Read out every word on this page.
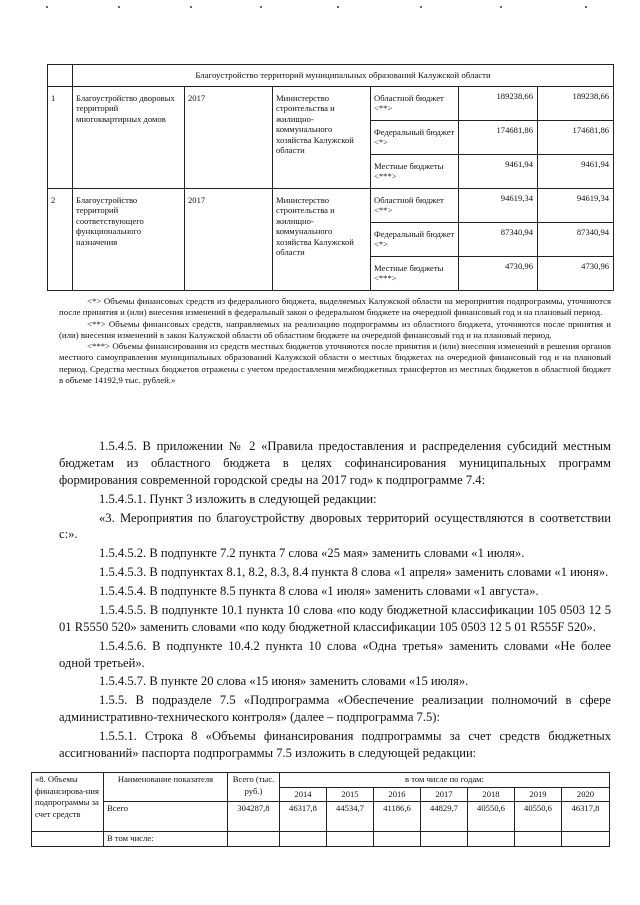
	Благоустройство территорий муниципальных образований Калужской области					
1	Благоустройство дворовых территорий многоквартирных домов	2017	Министерство строительства и жилищно-коммунального хозяйства Калужской области	Областной бюджет <**>	189238,66	189238,66
				Федеральный бюджет <*>	174681,86	174681,86
				Местные бюджеты <***>	9461,94	9461,94
2	Благоустройство территорий соответствующего функционального назначения	2017	Министерство строительства и жилищно-коммунального хозяйства Калужской области	Областной бюджет <**>	94619,34	94619,34
				Федеральный бюджет <*>	87340,94	87340,94
				Местные бюджеты <***>	4730,96	4730,96

<*> Объемы финансовых средств из федерального бюджета, выделяемых Калужской области на мероприятия подпрограммы, уточняются после принятия и (или) внесения изменений в федеральный закон о федеральном бюджете на очередной финансовый год и на плановый период.

<**> Объемы финансовых средств, направляемых на реализацию подпрограммы из областного бюджета, уточняются после принятия и (или) внесения изменений в закон Калужской области об областном бюджете на очередной финансовый год и на плановый период.

<***> Объемы финансирования из средств местных бюджетов уточняются после принятия и (или) внесения изменений в решения органов местного самоуправления муниципальных образований Калужской области о местных бюджетах на очередной финансовый год и на плановый период. Средства местных бюджетов отражены с учетом предоставления межбюджетных трансфертов из местных бюджетов в областной бюджет в объеме 14192,9 тыс. рублей.»

1.5.4.5. В приложении № 2 «Правила предоставления и распределения субсидий местным бюджетам из областного бюджета в целях софинансирования муниципальных программ формирования современной городской среды на 2017 год» к подпрограмме 7.4:

1.5.4.5.1. Пункт 3 изложить в следующей редакции:

«3. Мероприятия по благоустройству дворовых территорий осуществляются в соответствии с:».

1.5.4.5.2. В подпункте 7.2 пункта 7 слова «25 мая» заменить словами «1 июля».

1.5.4.5.3. В подпунктах 8.1, 8.2, 8.3, 8.4 пункта 8 слова «1 апреля» заменить словами «1 июня».

1.5.4.5.4. В подпункте 8.5 пункта 8 слова «1 июля» заменить словами «1 августа».

1.5.4.5.5. В подпункте 10.1 пункта 10 слова «по коду бюджетной классификации 105 0503 12 5 01 R5550 520» заменить словами «по коду бюджетной классификации 105 0503 12 5 01 R555F 520».

1.5.4.5.6. В подпункте 10.4.2 пункта 10 слова «Одна третья» заменить словами «Не более одной третьей».

1.5.4.5.7. В пункте 20 слова «15 июня» заменить словами «15 июля».

1.5.5. В подразделе 7.5 «Подпрограмма «Обеспечение реализации полномочий в сфере административно-технического контроля» (далее – подпрограмма 7.5):

1.5.5.1. Строка 8 «Объемы финансирования подпрограммы за счет средств бюджетных ассигнований» паспорта подпрограммы 7.5 изложить в следующей редакции:

«8. Объемы финансирова-ния подпрограммы за счет средств	Наименование показателя	Всего (тыс. руб.)	в том числе по годам:						
			2014	2015	2016	2017	2018	2019	2020
	Всего	304287,8	46317,8	44534,7	41186,6	44829,7	40550,6	40550,6	46317,8
	В том числе:								
